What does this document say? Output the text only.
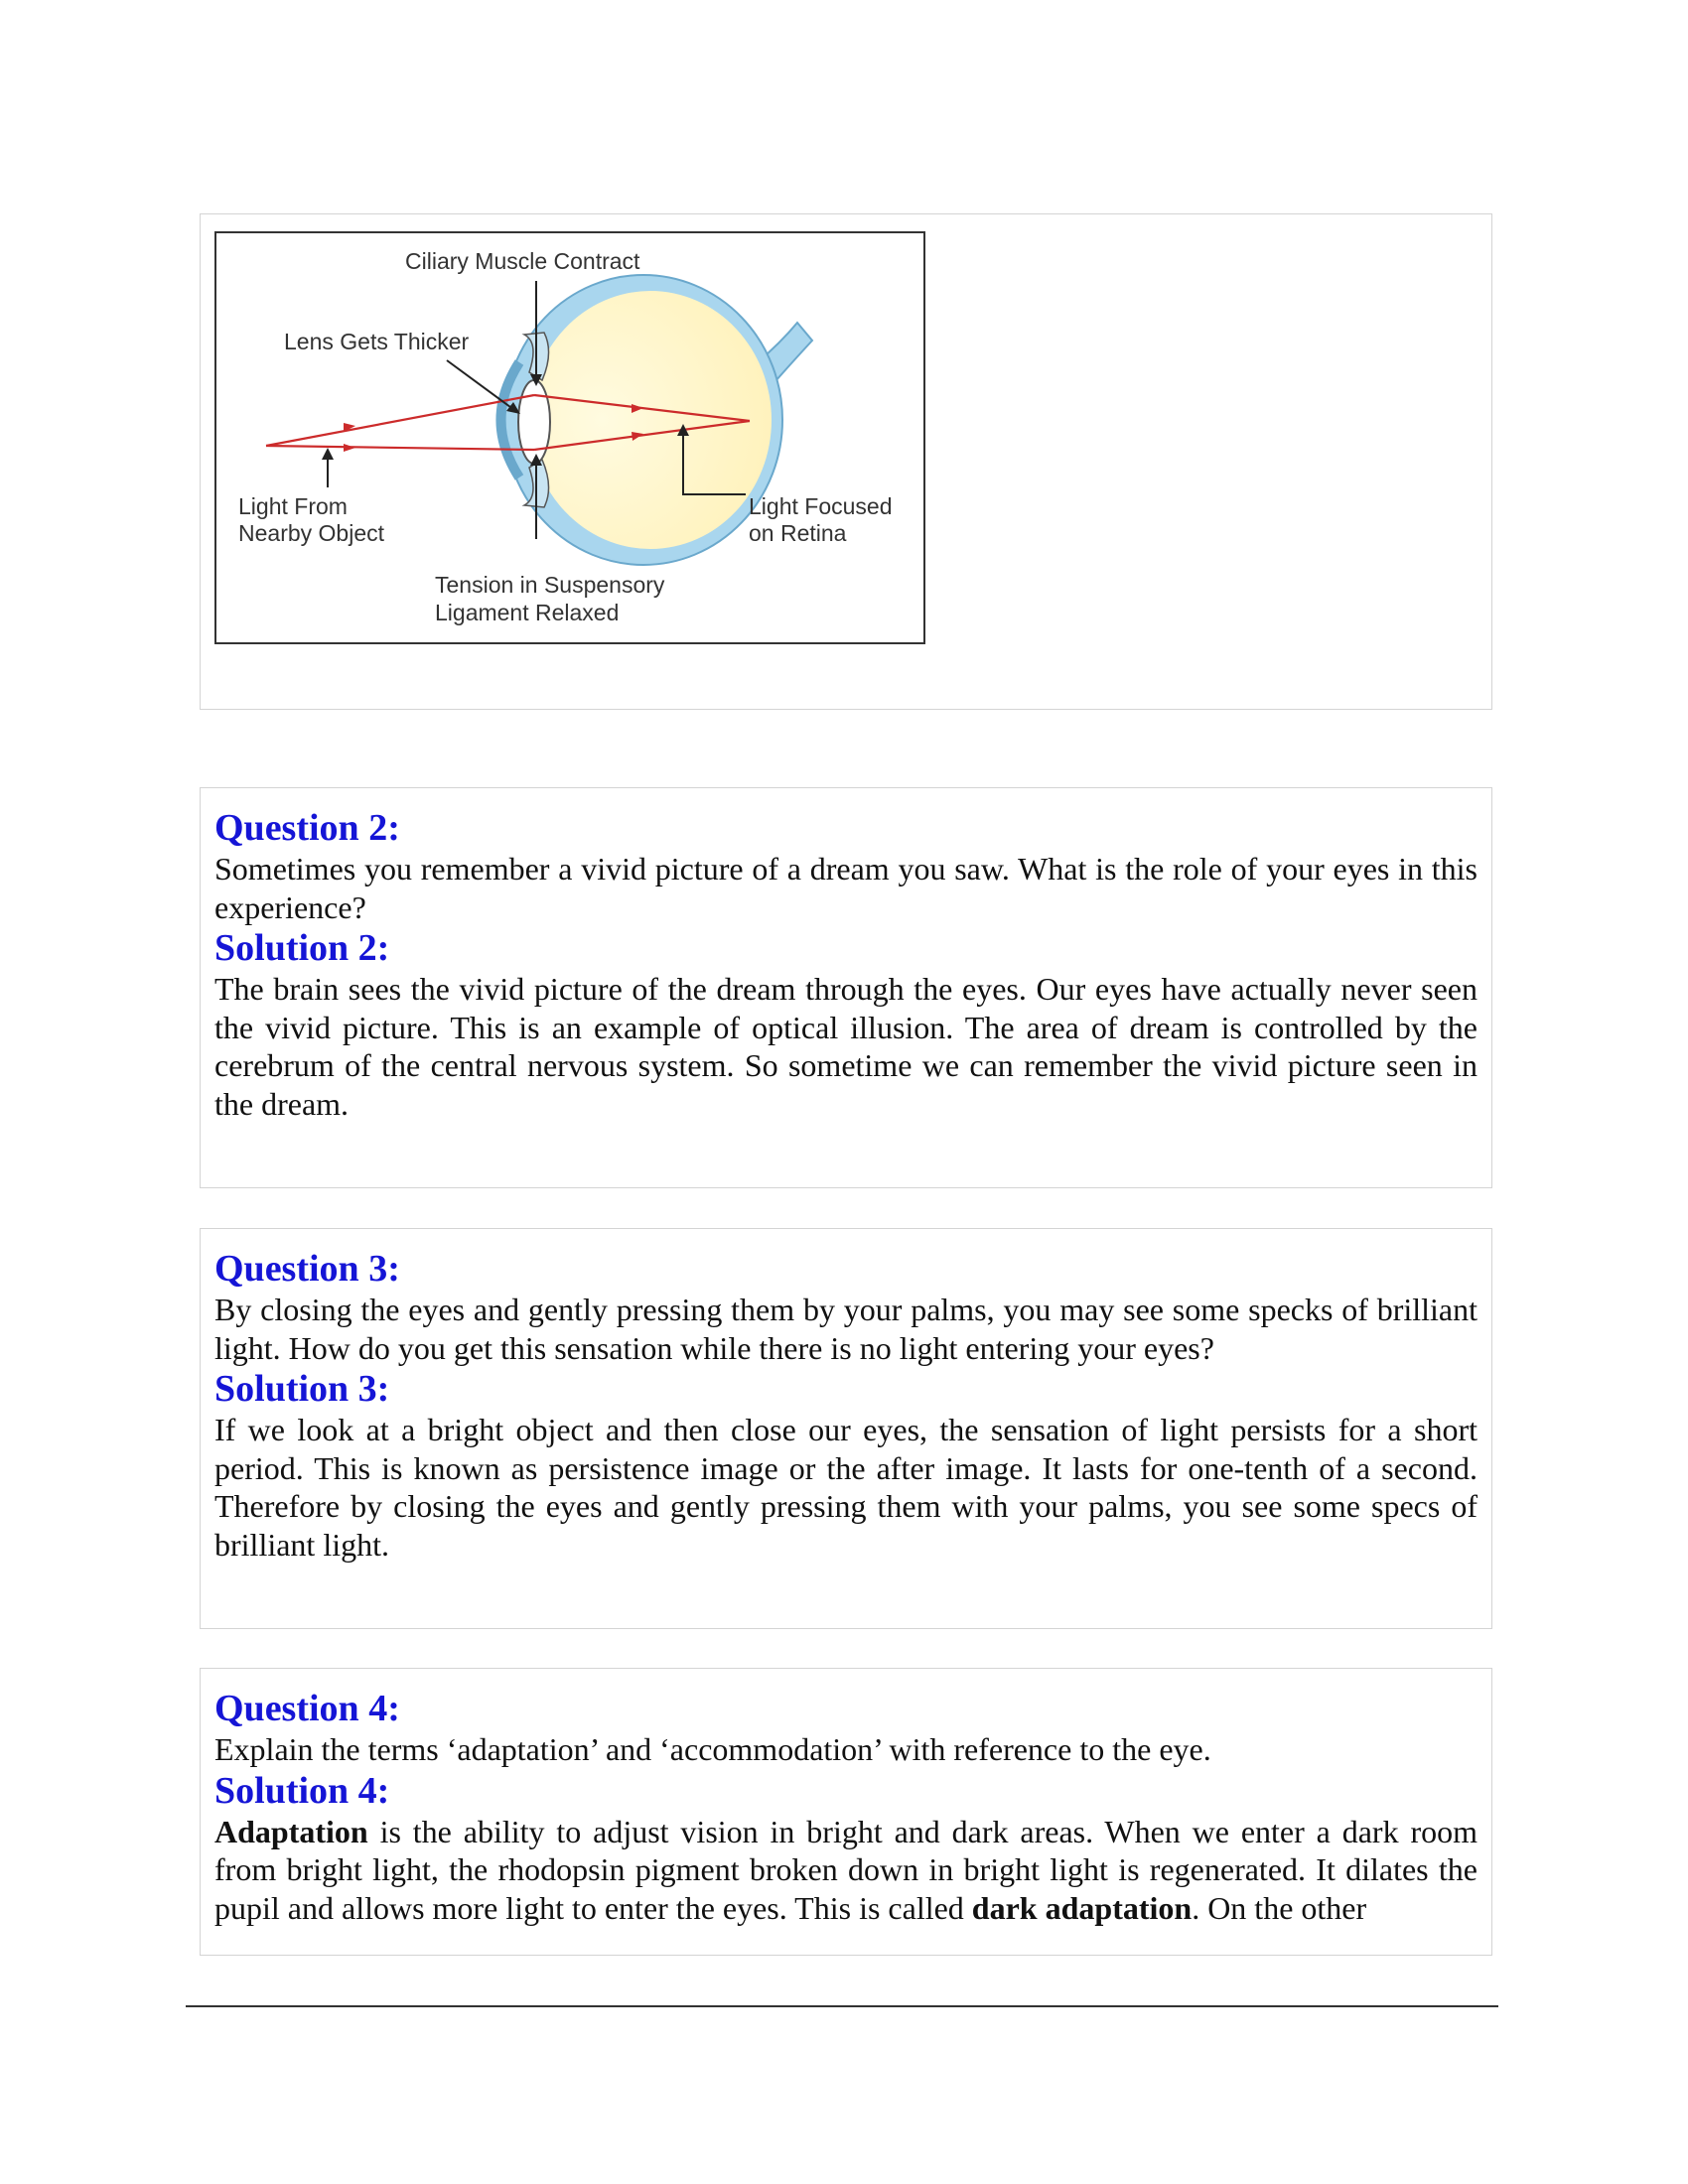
Ciliary Muscle Contract
Lens Gets Thicker
Light From
Nearby Object
Light Focused
on Retina
Tension in Suspensory
Ligament Relaxed

Question 2:

Sometimes you remember a vivid picture of a dream you saw. What is the role of your eyes in this experience?

Solution 2:

The brain sees the vivid picture of the dream through the eyes. Our eyes have actually never seen the vivid picture. This is an example of optical illusion. The area of dream is controlled by the cerebrum of the central nervous system. So sometime we can remember the vivid picture seen in the dream.

Question 3:

By closing the eyes and gently pressing them by your palms, you may see some specks of brilliant light. How do you get this sensation while there is no light entering your eyes?

Solution 3:

If we look at a bright object and then close our eyes, the sensation of light persists for a short period. This is known as persistence image or the after image. It lasts for one-tenth of a second. Therefore by closing the eyes and gently pressing them with your palms, you see some specs of brilliant light.

Question 4:

Explain the terms ‘adaptation’ and ‘accommodation’ with reference to the eye.

Solution 4:

Adaptation is the ability to adjust vision in bright and dark areas. When we enter a dark room from bright light, the rhodopsin pigment broken down in bright light is regenerated. It dilates the pupil and allows more light to enter the eyes. This is called dark adaptation. On the other
